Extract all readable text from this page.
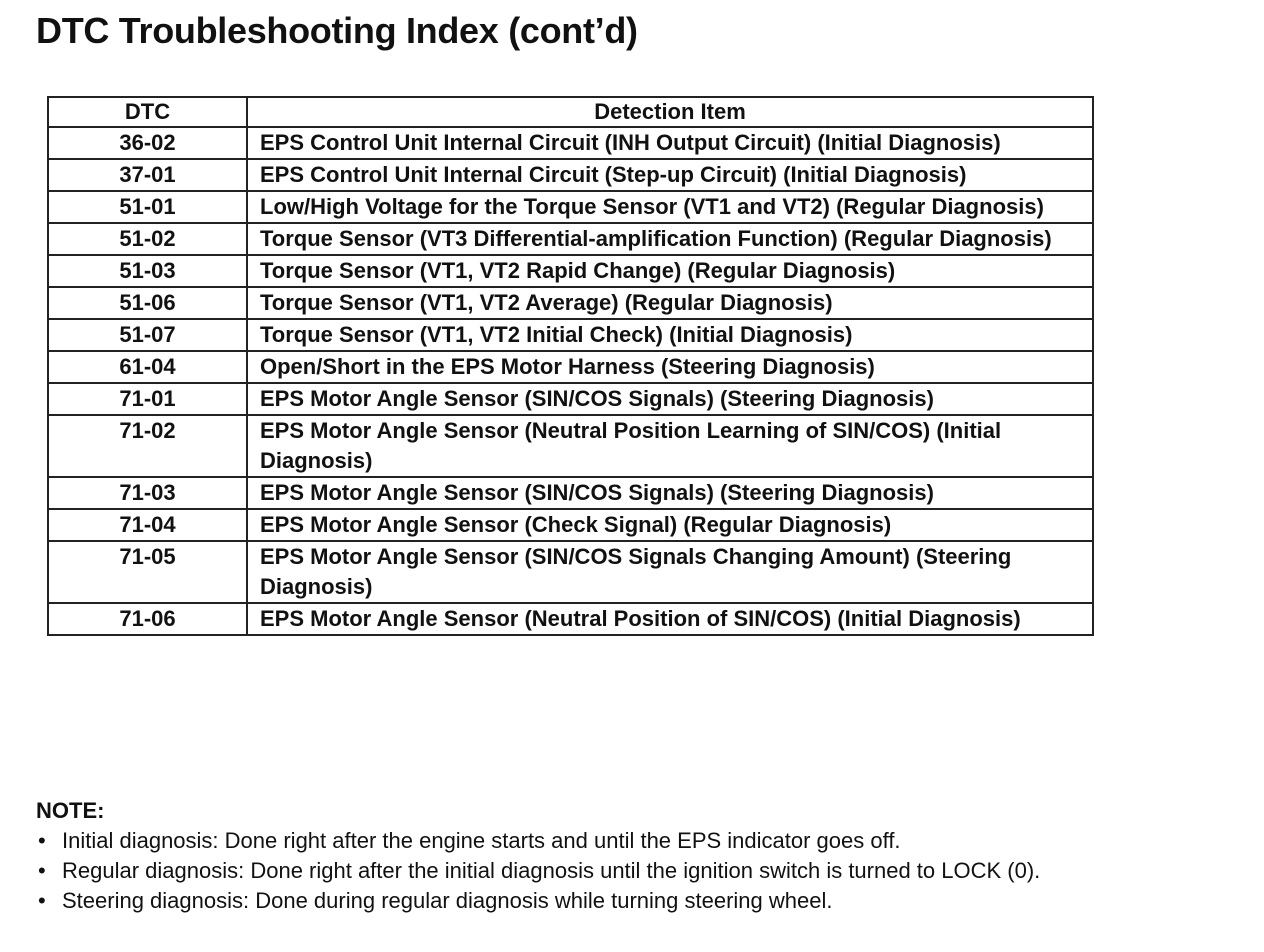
DTC Troubleshooting Index (cont’d)
DTC	Detection Item
36-02	EPS Control Unit Internal Circuit (INH Output Circuit) (Initial Diagnosis)
37-01	EPS Control Unit Internal Circuit (Step-up Circuit) (Initial Diagnosis)
51-01	Low/High Voltage for the Torque Sensor (VT1 and VT2) (Regular Diagnosis)
51-02	Torque Sensor (VT3 Differential-amplification Function) (Regular Diagnosis)
51-03	Torque Sensor (VT1, VT2 Rapid Change) (Regular Diagnosis)
51-06	Torque Sensor (VT1, VT2 Average) (Regular Diagnosis)
51-07	Torque Sensor (VT1, VT2 Initial Check) (Initial Diagnosis)
61-04	Open/Short in the EPS Motor Harness (Steering Diagnosis)
71-01	EPS Motor Angle Sensor (SIN/COS Signals) (Steering Diagnosis)
71-02	EPS Motor Angle Sensor (Neutral Position Learning of SIN/COS) (Initial Diagnosis)
71-03	EPS Motor Angle Sensor (SIN/COS Signals) (Steering Diagnosis)
71-04	EPS Motor Angle Sensor (Check Signal) (Regular Diagnosis)
71-05	EPS Motor Angle Sensor (SIN/COS Signals Changing Amount) (Steering Diagnosis)
71-06	EPS Motor Angle Sensor (Neutral Position of SIN/COS) (Initial Diagnosis)
NOTE:
• Initial diagnosis: Done right after the engine starts and until the EPS indicator goes off.
• Regular diagnosis: Done right after the initial diagnosis until the ignition switch is turned to LOCK (0).
• Steering diagnosis: Done during regular diagnosis while turning steering wheel.
